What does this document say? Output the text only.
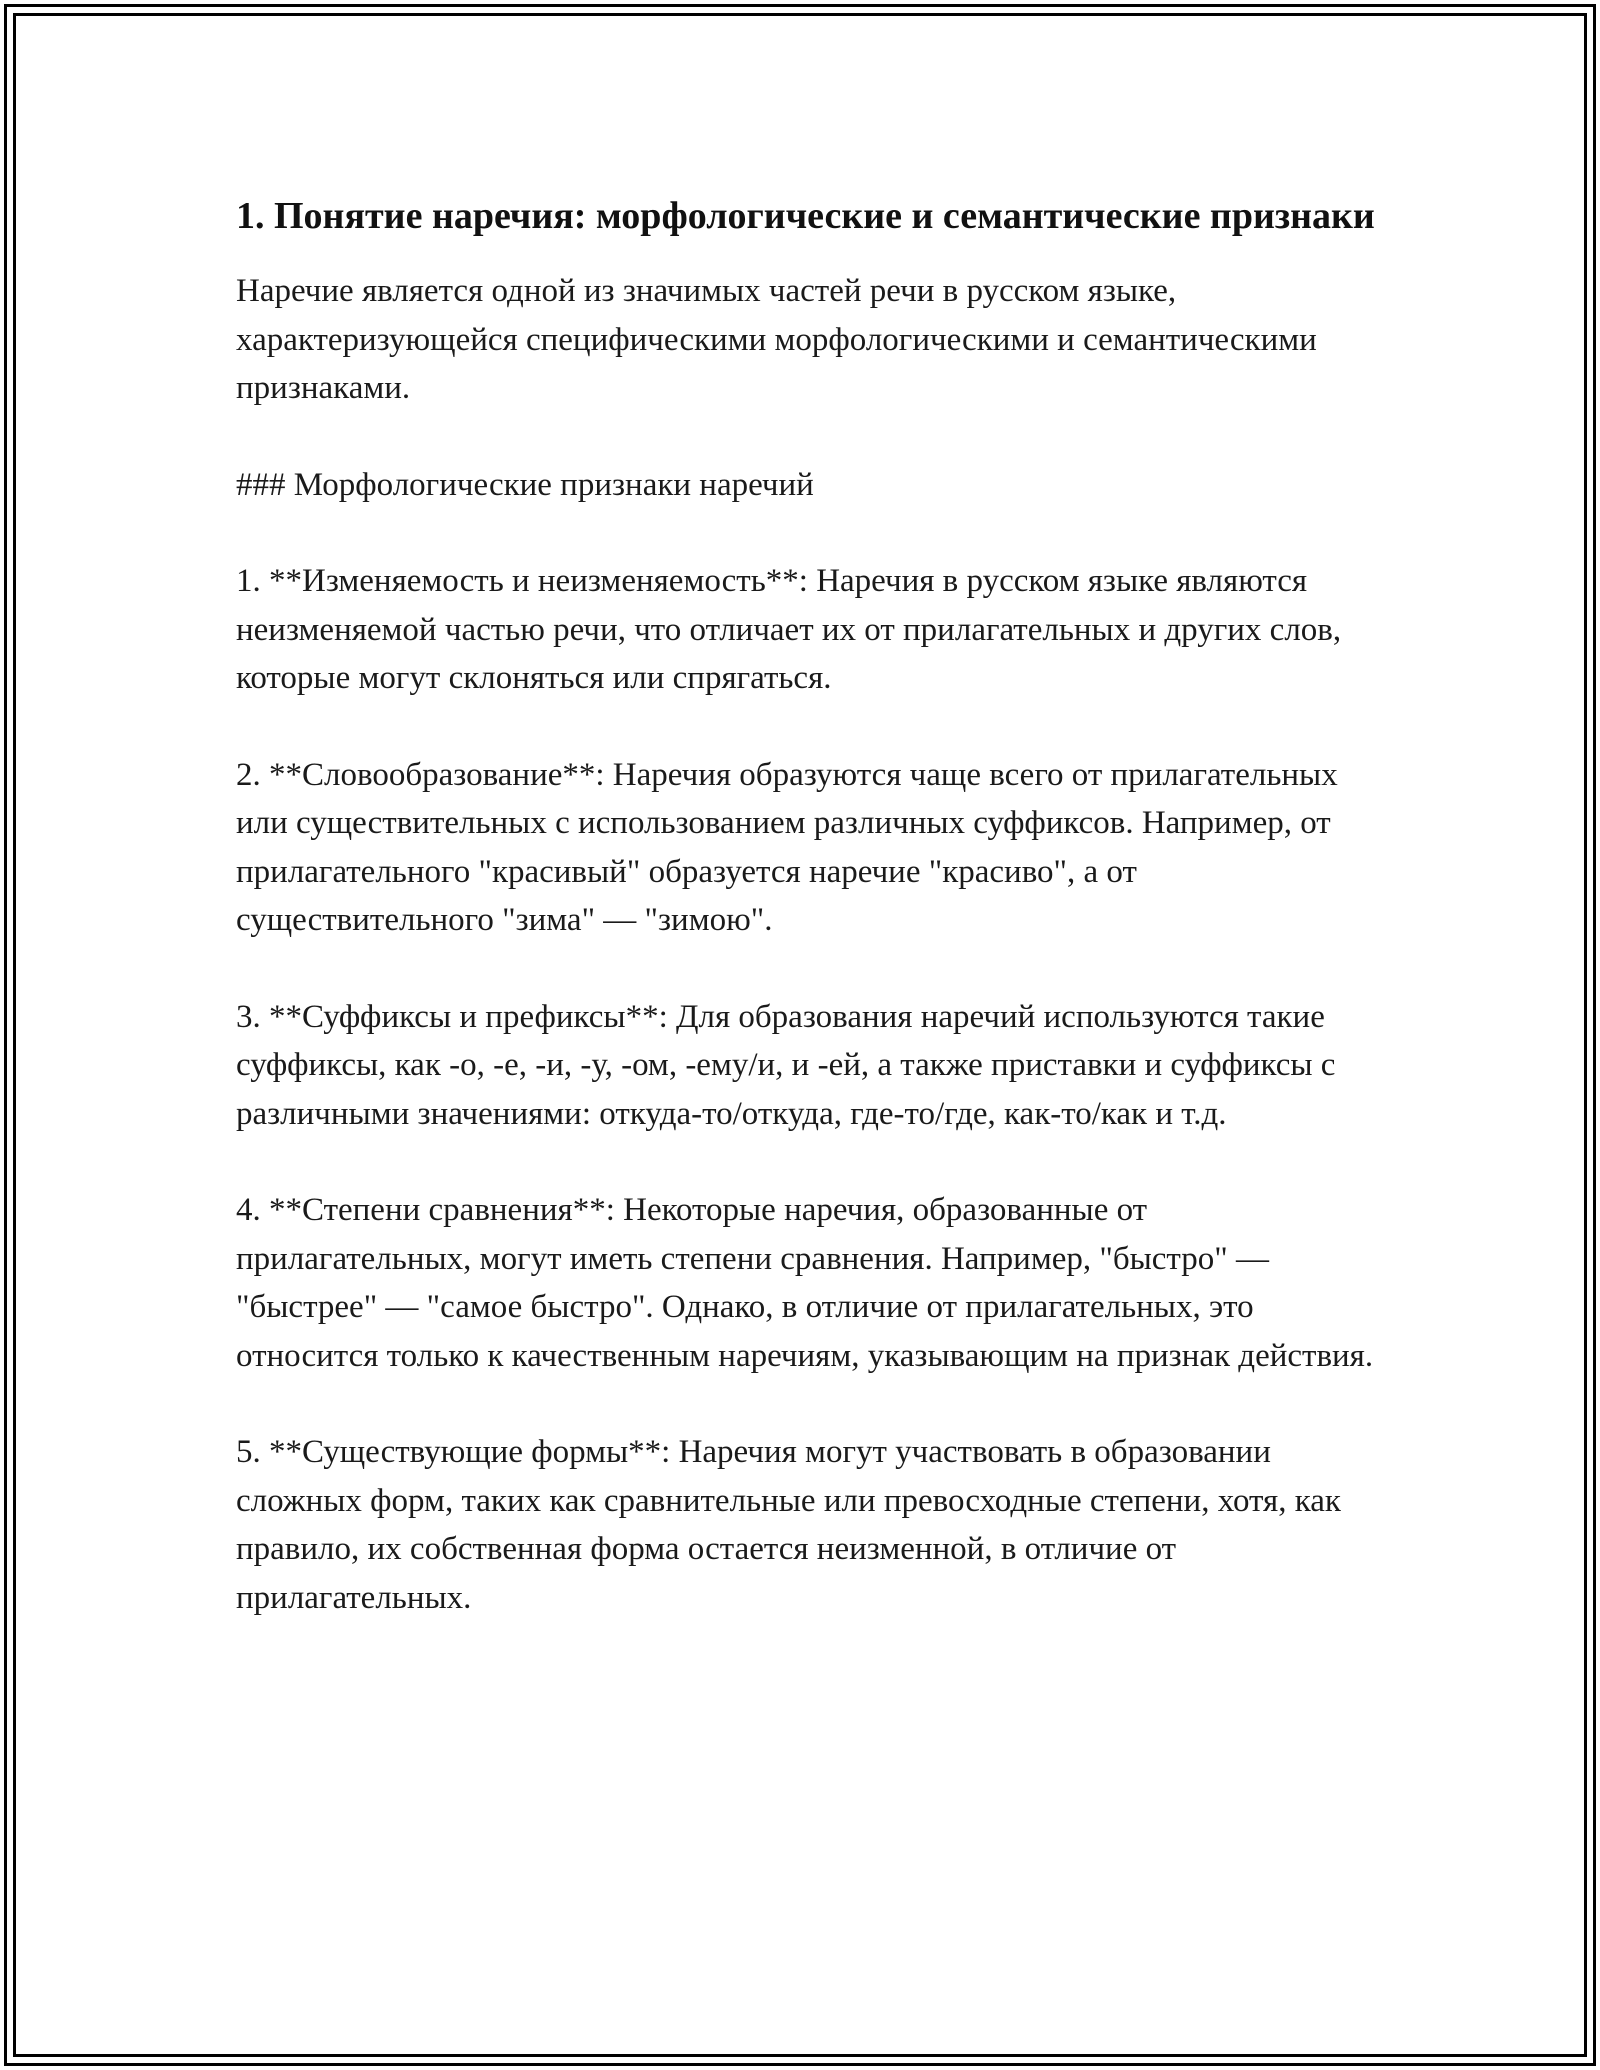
1. Понятие наречия: морфологические и семантические признаки

Наречие является одной из значимых частей речи в русском языке, характеризующейся специфическими морфологическими и семантическими признаками.

### Морфологические признаки наречий

1. **Изменяемость и неизменяемость**: Наречия в русском языке являются неизменяемой частью речи, что отличает их от прилагательных и других слов, которые могут склоняться или спрягаться.

2. **Словообразование**: Наречия образуются чаще всего от прилагательных или существительных с использованием различных суффиксов. Например, от прилагательного "красивый" образуется наречие "красиво", а от существительного "зима" — "зимою".

3. **Суффиксы и префиксы**: Для образования наречий используются такие суффиксы, как -о, -е, -и, -у, -ом, -ему/и, и -ей, а также приставки и суффиксы с различными значениями: откуда-то/откуда, где-то/где, как-то/как и т.д.

4. **Степени сравнения**: Некоторые наречия, образованные от прилагательных, могут иметь степени сравнения. Например, "быстро" — "быстрее" — "самое быстро". Однако, в отличие от прилагательных, это относится только к качественным наречиям, указывающим на признак действия.

5. **Существующие формы**: Наречия могут участвовать в образовании сложных форм, таких как сравнительные или превосходные степени, хотя, как правило, их собственная форма остается неизменной, в отличие от прилагательных.
